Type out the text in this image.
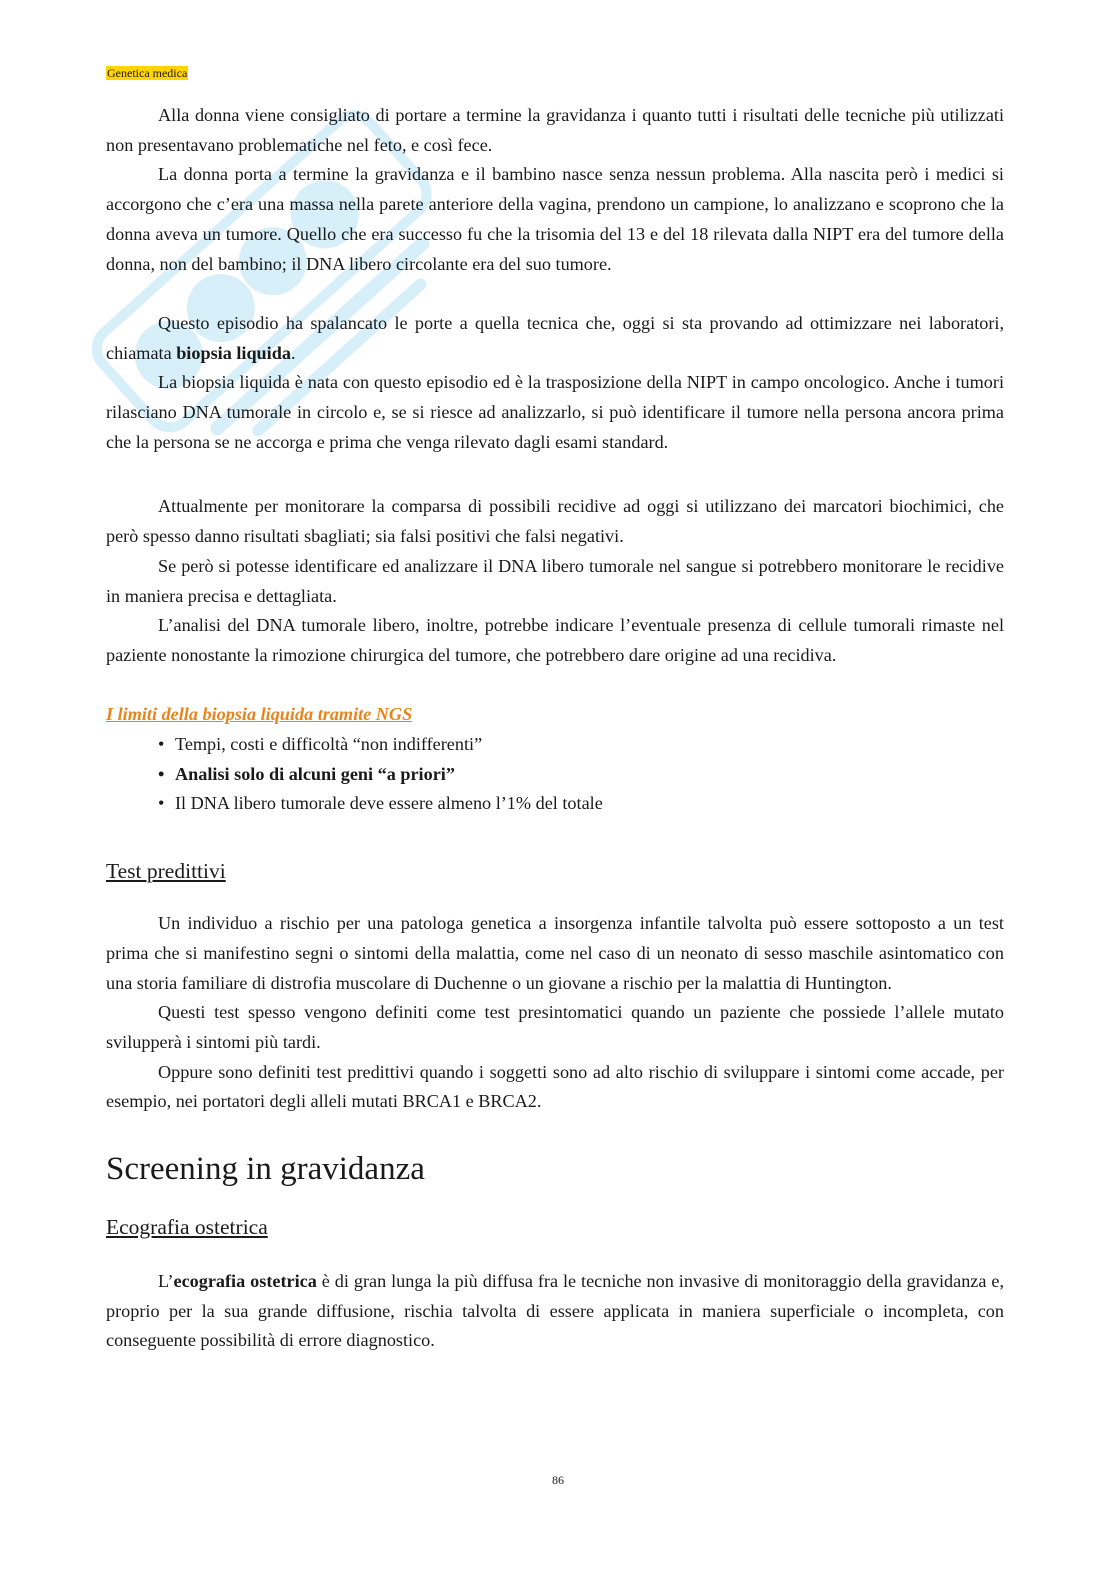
Genetica medica

Alla donna viene consigliato di portare a termine la gravidanza i quanto tutti i risultati delle tecniche più utilizzati non presentavano problematiche nel feto, e così fece.

La donna porta a termine la gravidanza e il bambino nasce senza nessun problema. Alla nascita però i medici si accorgono che c’era una massa nella parete anteriore della vagina, prendono un campione, lo analizzano e scoprono che la donna aveva un tumore. Quello che era successo fu che la trisomia del 13 e del 18 rilevata dalla NIPT era del tumore della donna, non del bambino; il DNA libero circolante era del suo tumore.

Questo episodio ha spalancato le porte a quella tecnica che, oggi si sta provando ad ottimizzare nei laboratori, chiamata biopsia liquida.

La biopsia liquida è nata con questo episodio ed è la trasposizione della NIPT in campo oncologico. Anche i tumori rilasciano DNA tumorale in circolo e, se si riesce ad analizzarlo, si può identificare il tumore nella persona ancora prima che la persona se ne accorga e prima che venga rilevato dagli esami standard.

Attualmente per monitorare la comparsa di possibili recidive ad oggi si utilizzano dei marcatori biochimici, che però spesso danno risultati sbagliati; sia falsi positivi che falsi negativi.

Se però si potesse identificare ed analizzare il DNA libero tumorale nel sangue si potrebbero monitorare le recidive in maniera precisa e dettagliata.

L’analisi del DNA tumorale libero, inoltre, potrebbe indicare l’eventuale presenza di cellule tumorali rimaste nel paziente nonostante la rimozione chirurgica del tumore, che potrebbero dare origine ad una recidiva.

I limiti della biopsia liquida tramite NGS
• Tempi, costi e difficoltà “non indifferenti”
• Analisi solo di alcuni geni “a priori”
• Il DNA libero tumorale deve essere almeno l’1% del totale
Test predittivi

Un individuo a rischio per una patologa genetica a insorgenza infantile talvolta può essere sottoposto a un test prima che si manifestino segni o sintomi della malattia, come nel caso di un neonato di sesso maschile asintomatico con una storia familiare di distrofia muscolare di Duchenne o un giovane a rischio per la malattia di Huntington.

Questi test spesso vengono definiti come test presintomatici quando un paziente che possiede l’allele mutato svilupperà i sintomi più tardi.

Oppure sono definiti test predittivi quando i soggetti sono ad alto rischio di sviluppare i sintomi come accade, per esempio, nei portatori degli alleli mutati BRCA1 e BRCA2.

Screening in gravidanza
Ecografia ostetrica

L’ecografia ostetrica è di gran lunga la più diffusa fra le tecniche non invasive di monitoraggio della gravidanza e, proprio per la sua grande diffusione, rischia talvolta di essere applicata in maniera superficiale o incompleta, con conseguente possibilità di errore diagnostico.

86
